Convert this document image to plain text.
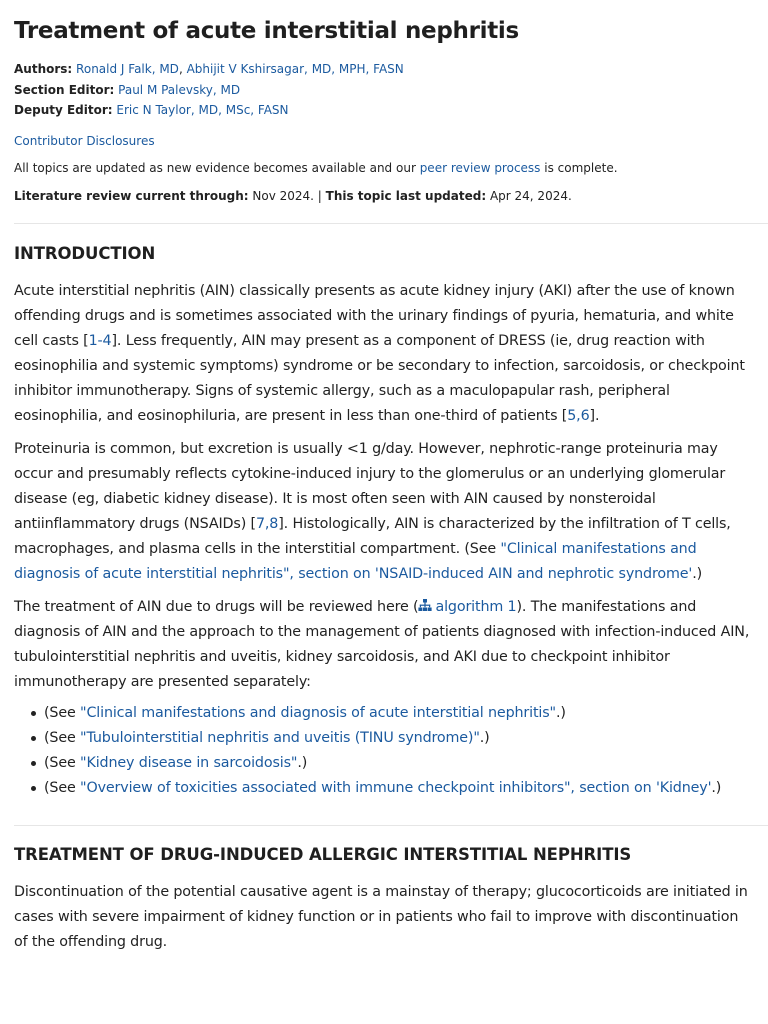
Treatment of acute interstitial nephritis
Authors: Ronald J Falk, MD, Abhijit V Kshirsagar, MD, MPH, FASN
Section Editor: Paul M Palevsky, MD
Deputy Editor: Eric N Taylor, MD, MSc, FASN
Contributor Disclosures
All topics are updated as new evidence becomes available and our peer review process is complete.
Literature review current through: Nov 2024. | This topic last updated: Apr 24, 2024.
INTRODUCTION

Acute interstitial nephritis (AIN) classically presents as acute kidney injury (AKI) after the use of known offending drugs and is sometimes associated with the urinary findings of pyuria, hematuria, and white cell casts [1-4]. Less frequently, AIN may present as a component of DRESS (ie, drug reaction with eosinophilia and systemic symptoms) syndrome or be secondary to infection, sarcoidosis, or checkpoint inhibitor immunotherapy. Signs of systemic allergy, such as a maculopapular rash, peripheral eosinophilia, and eosinophiluria, are present in less than one-third of patients [5,6].

Proteinuria is common, but excretion is usually <1 g/day. However, nephrotic-range proteinuria may occur and presumably reflects cytokine-induced injury to the glomerulus or an underlying glomerular disease (eg, diabetic kidney disease). It is most often seen with AIN caused by nonsteroidal antiinflammatory drugs (NSAIDs) [7,8]. Histologically, AIN is characterized by the infiltration of T cells, macrophages, and plasma cells in the interstitial compartment. (See "Clinical manifestations and diagnosis of acute interstitial nephritis", section on 'NSAID-induced AIN and nephrotic syndrome'.)

The treatment of AIN due to drugs will be reviewed here ( algorithm 1). The manifestations and diagnosis of AIN and the approach to the management of patients diagnosed with infection-induced AIN, tubulointerstitial nephritis and uveitis, kidney sarcoidosis, and AKI due to checkpoint inhibitor immunotherapy are presented separately:

(See "Clinical manifestations and diagnosis of acute interstitial nephritis".)
(See "Tubulointerstitial nephritis and uveitis (TINU syndrome)".)
(See "Kidney disease in sarcoidosis".)
(See "Overview of toxicities associated with immune checkpoint inhibitors", section on 'Kidney'.)
TREATMENT OF DRUG-INDUCED ALLERGIC INTERSTITIAL NEPHRITIS

Discontinuation of the potential causative agent is a mainstay of therapy; glucocorticoids are initiated in cases with severe impairment of kidney function or in patients who fail to improve with discontinuation of the offending drug.
